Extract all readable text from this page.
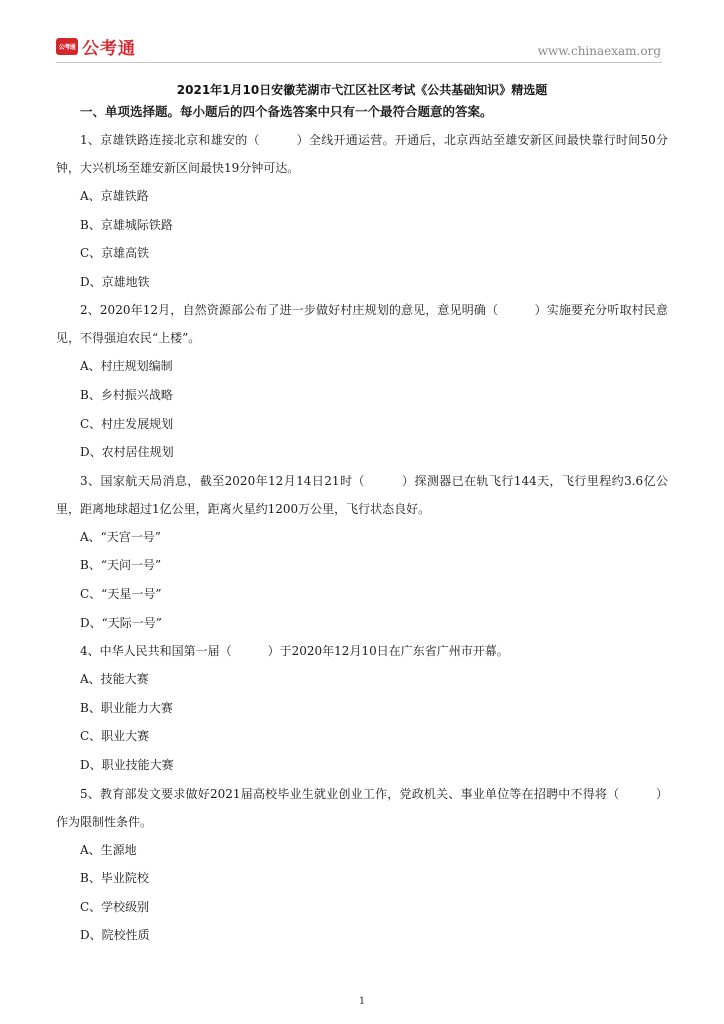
公考通 公考通	www.chinaexam.org
2021年1月10日安徽芜湖市弋江区社区考试《公共基础知识》精选题

一、单项选择题。每小题后的四个备选答案中只有一个最符合题意的答案。

1、京雄铁路连接北京和雄安的（　　　）全线开通运营。开通后，北京西站至雄安新区间最快靠行时间50分钟，大兴机场至雄安新区间最快19分钟可达。

A、京雄铁路

B、京雄城际铁路

C、京雄高铁

D、京雄地铁

2、2020年12月，自然资源部公布了进一步做好村庄规划的意见，意见明确（　　　）实施要充分听取村民意见，不得强迫农民“上楼”。

A、村庄规划编制

B、乡村振兴战略

C、村庄发展规划

D、农村居住规划

3、国家航天局消息，截至2020年12月14日21时（　　　）探测器已在轨飞行144天，飞行里程约3.6亿公里，距离地球超过1亿公里，距离火星约1200万公里，飞行状态良好。

A、“天宫一号”

B、“天问一号”

C、“天星一号”

D、“天际一号”

4、中华人民共和国第一届（　　　）于2020年12月10日在广东省广州市开幕。

A、技能大赛

B、职业能力大赛

C、职业大赛

D、职业技能大赛

5、教育部发文要求做好2021届高校毕业生就业创业工作，党政机关、事业单位等在招聘中不得将（　　　）作为限制性条件。

A、生源地

B、毕业院校

C、学校级别

D、院校性质

1
